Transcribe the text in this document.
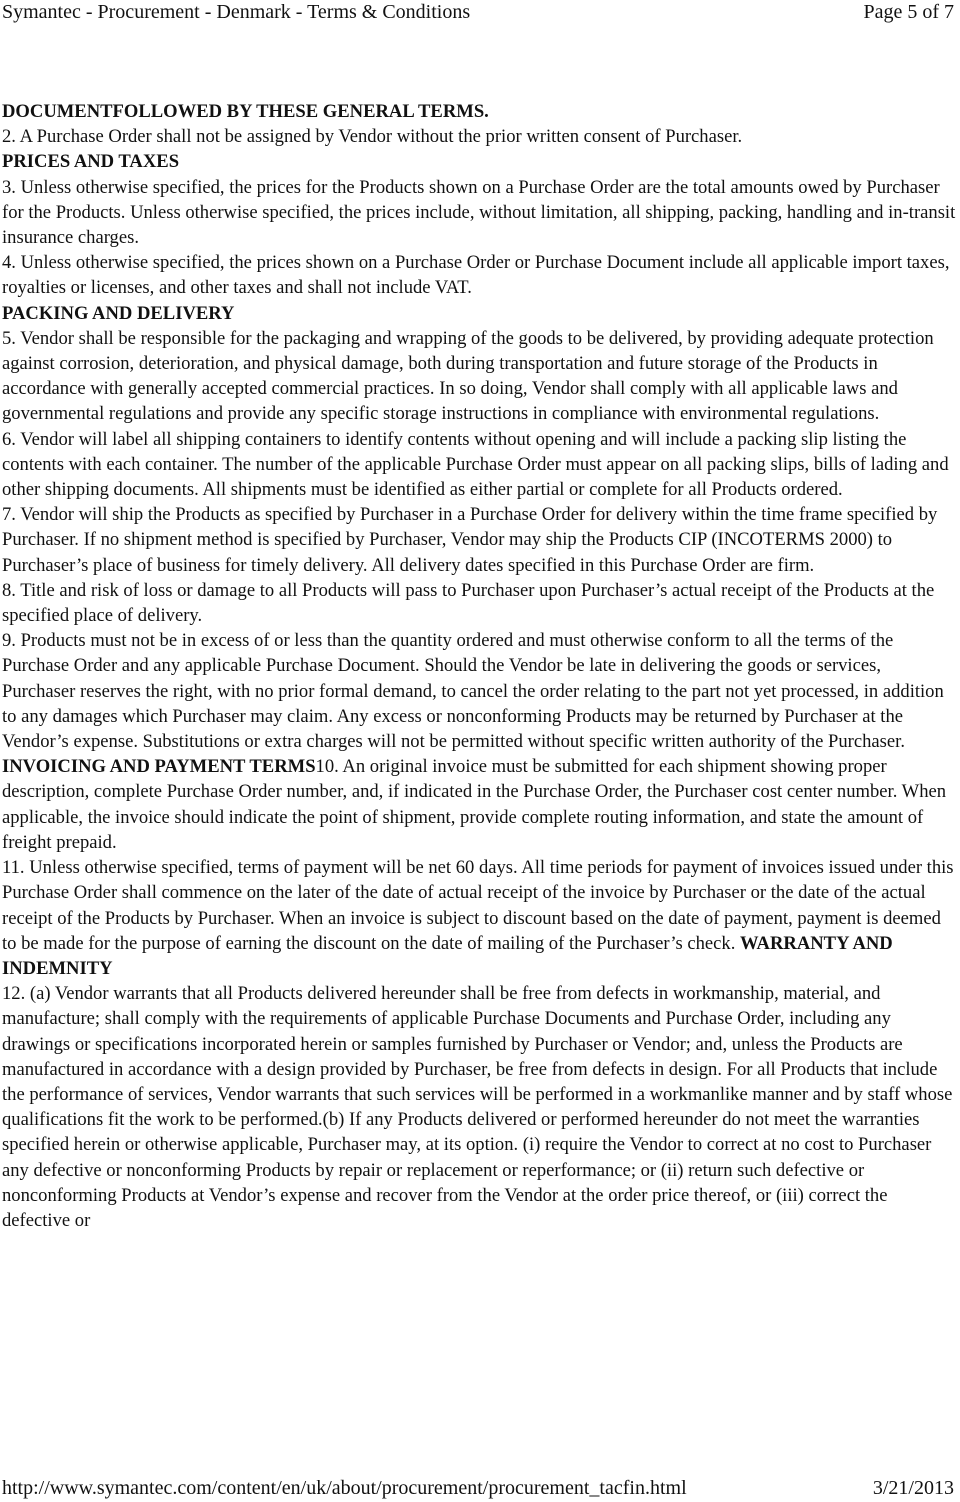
Symantec - Procurement - Denmark - Terms & Conditions	Page 5 of 7

DOCUMENTFOLLOWED BY THESE GENERAL TERMS.

2. A Purchase Order shall not be assigned by Vendor without the prior written consent of Purchaser.

PRICES AND TAXES

3. Unless otherwise specified, the prices for the Products shown on a Purchase Order are the total amounts owed by Purchaser for the Products. Unless otherwise specified, the prices include, without limitation, all shipping, packing, handling and in-transit insurance charges.

4. Unless otherwise specified, the prices shown on a Purchase Order or Purchase Document include all applicable import taxes, royalties or licenses, and other taxes and shall not include VAT.

PACKING AND DELIVERY

5. Vendor shall be responsible for the packaging and wrapping of the goods to be delivered, by providing adequate protection against corrosion, deterioration, and physical damage, both during transportation and future storage of the Products in accordance with generally accepted commercial practices. In so doing, Vendor shall comply with all applicable laws and governmental regulations and provide any specific storage instructions in compliance with environmental regulations.

6. Vendor will label all shipping containers to identify contents without opening and will include a packing slip listing the contents with each container. The number of the applicable Purchase Order must appear on all packing slips, bills of lading and other shipping documents. All shipments must be identified as either partial or complete for all Products ordered.

7. Vendor will ship the Products as specified by Purchaser in a Purchase Order for delivery within the time frame specified by Purchaser. If no shipment method is specified by Purchaser, Vendor may ship the Products CIP (INCOTERMS 2000) to Purchaser’s place of business for timely delivery. All delivery dates specified in this Purchase Order are firm.

8. Title and risk of loss or damage to all Products will pass to Purchaser upon Purchaser’s actual receipt of the Products at the specified place of delivery.

9. Products must not be in excess of or less than the quantity ordered and must otherwise conform to all the terms of the Purchase Order and any applicable Purchase Document. Should the Vendor be late in delivering the goods or services, Purchaser reserves the right, with no prior formal demand, to cancel the order relating to the part not yet processed, in addition to any damages which Purchaser may claim. Any excess or nonconforming Products may be returned by Purchaser at the Vendor’s expense. Substitutions or extra charges will not be permitted without specific written authority of the Purchaser.

INVOICING AND PAYMENT TERMS10. An original invoice must be submitted for each shipment showing proper description, complete Purchase Order number, and, if indicated in the Purchase Order, the Purchaser cost center number. When applicable, the invoice should indicate the point of shipment, provide complete routing information, and state the amount of freight prepaid.

11. Unless otherwise specified, terms of payment will be net 60 days. All time periods for payment of invoices issued under this Purchase Order shall commence on the later of the date of actual receipt of the invoice by Purchaser or the date of the actual receipt of the Products by Purchaser. When an invoice is subject to discount based on the date of payment, payment is deemed to be made for the purpose of earning the discount on the date of mailing of the Purchaser’s check. WARRANTY AND INDEMNITY

12. (a) Vendor warrants that all Products delivered hereunder shall be free from defects in workmanship, material, and manufacture; shall comply with the requirements of applicable Purchase Documents and Purchase Order, including any drawings or specifications incorporated herein or samples furnished by Purchaser or Vendor; and, unless the Products are manufactured in accordance with a design provided by Purchaser, be free from defects in design. For all Products that include the performance of services, Vendor warrants that such services will be performed in a workmanlike manner and by staff whose qualifications fit the work to be performed.(b) If any Products delivered or performed hereunder do not meet the warranties specified herein or otherwise applicable, Purchaser may, at its option. (i) require the Vendor to correct at no cost to Purchaser any defective or nonconforming Products by repair or replacement or reperformance; or (ii) return such defective or nonconforming Products at Vendor’s expense and recover from the Vendor at the order price thereof, or (iii) correct the defective or

http://www.symantec.com/content/en/uk/about/procurement/procurement_tacfin.html	3/21/2013
